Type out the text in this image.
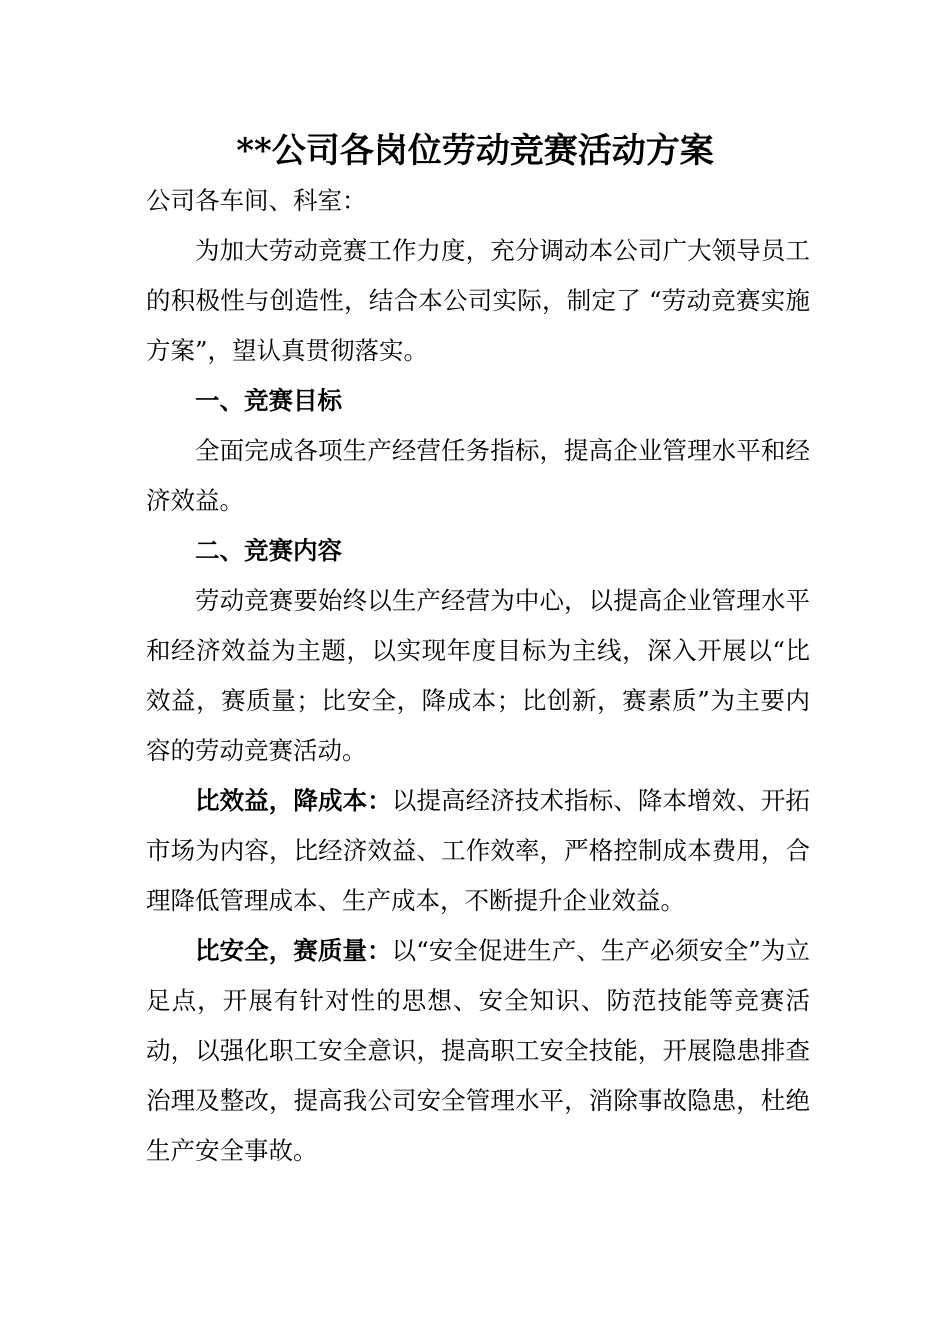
**公司各岗位劳动竞赛活动方案

公司各车间、科室：

为加大劳动竞赛工作力度，充分调动本公司广大领导员工的积极性与创造性，结合本公司实际，制定了 “劳动竞赛实施方案”，望认真贯彻落实。

一、竞赛目标

全面完成各项生产经营任务指标，提高企业管理水平和经济效益。

二、竞赛内容

劳动竞赛要始终以生产经营为中心，以提高企业管理水平和经济效益为主题，以实现年度目标为主线，深入开展以“比效益，赛质量；比安全，降成本；比创新，赛素质”为主要内容的劳动竞赛活动。

比效益，降成本：以提高经济技术指标、降本增效、开拓市场为内容，比经济效益、工作效率，严格控制成本费用，合理降低管理成本、生产成本，不断提升企业效益。

比安全，赛质量：以“安全促进生产、生产必须安全”为立足点，开展有针对性的思想、安全知识、防范技能等竞赛活动，以强化职工安全意识，提高职工安全技能，开展隐患排查治理及整改，提高我公司安全管理水平，消除事故隐患，杜绝生产安全事故。
